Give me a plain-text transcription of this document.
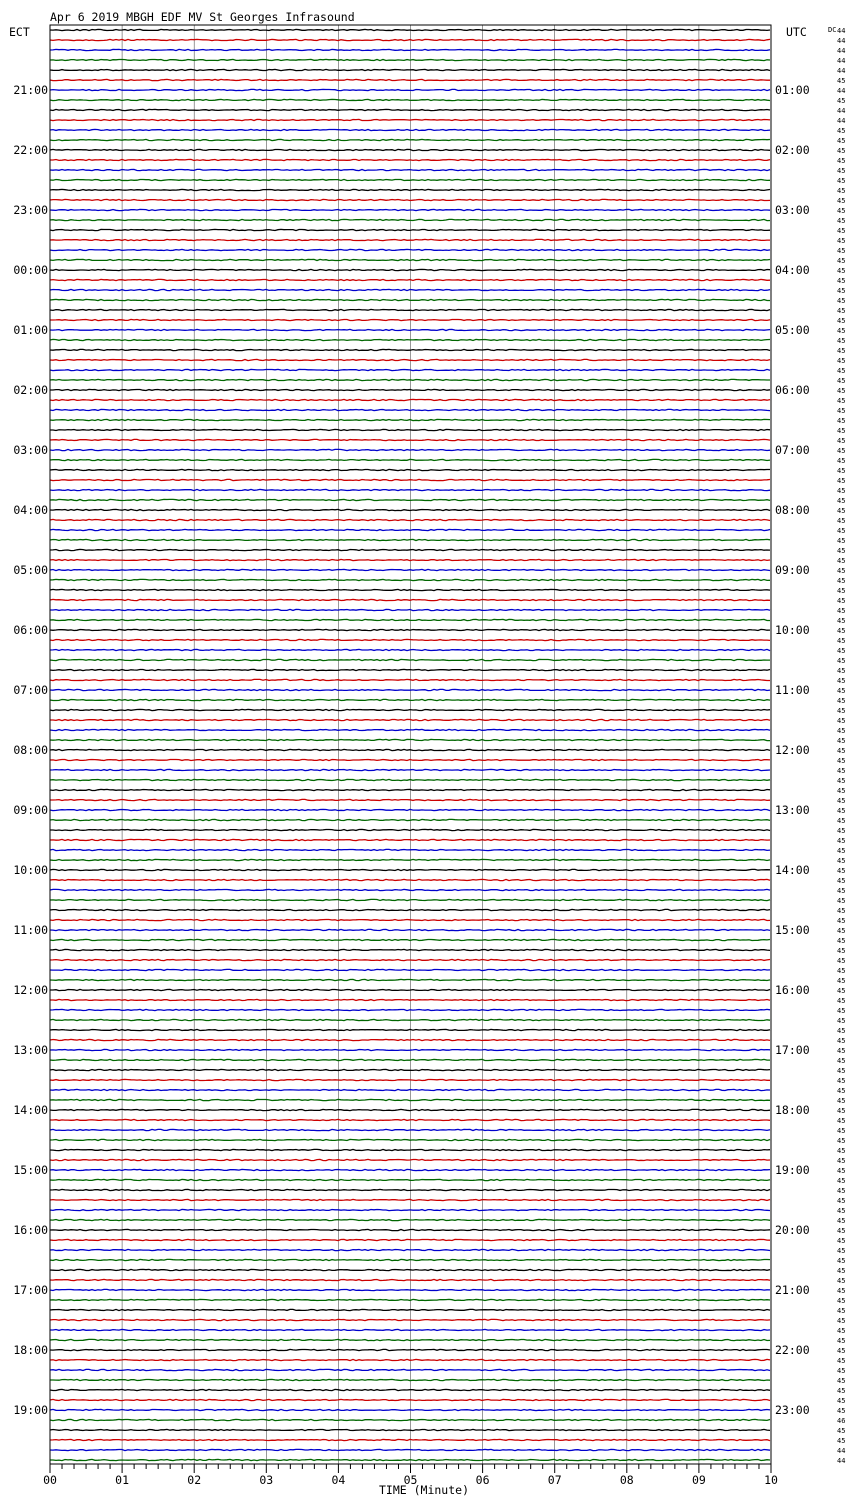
Apr 6 2019 MBGH EDF MV St Georges Infrasound
ECT	UTC	DC
TIME (Minute)
21:00
22:00
23:00
00:00
01:00
02:00
03:00
04:00
05:00
06:00
07:00
08:00
09:00
10:00
11:00
12:00
13:00
14:00
15:00
16:00
17:00
18:00
19:00
01:00
02:00
03:00
04:00
05:00
06:00
07:00
08:00
09:00
10:00
11:00
12:00
13:00
14:00
15:00
16:00
17:00
18:00
19:00
20:00
21:00
22:00
23:00
44
44
44
44
44
45
44
45
44
44
45
45
45
45
45
45
45
45
45
45
45
45
45
45
45
45
45
45
45
45
45
45
45
45
45
45
45
45
45
45
45
45
45
45
45
45
45
45
45
45
45
45
45
45
45
45
45
45
45
45
45
45
45
45
45
45
45
45
45
45
45
45
45
45
45
45
45
45
45
45
45
45
45
45
45
45
45
45
45
45
45
45
45
45
45
45
45
45
45
45
45
45
45
45
45
45
45
45
45
45
45
45
45
45
45
45
45
45
45
45
45
45
45
45
45
45
45
45
45
45
45
45
45
45
45
45
45
45
45
46
45
45
44
44
00	01	02	03	04	05	06	07	08	09	10
